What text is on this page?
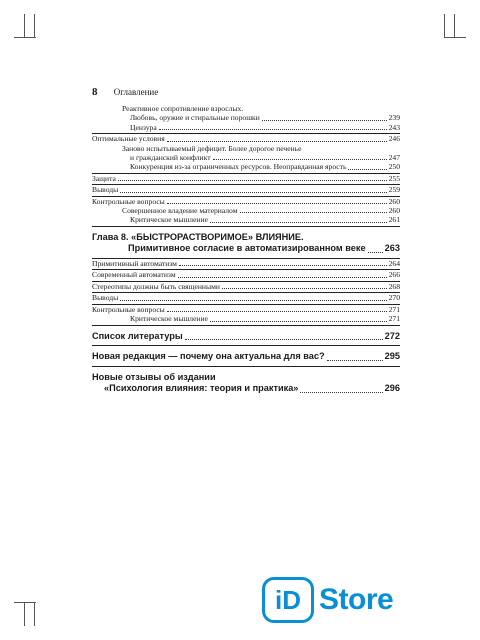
8 Оглавление
Реактивное сопротивление взрослых.
Любовь, оружие и стиральные порошки	239
Цензура	243
Оптимальные условия	246
Заново испытываемый дефицит. Более дорогое печенье
и гражданский конфликт	247
Конкуренция из-за ограниченных ресурсов. Неоправданная ярость	250
Защита	255
Выводы	259
Контрольные вопросы	260
Совершенное владение материалом	260
Критическое мышление	261
Глава 8. «БЫСТРОРАСТВОРИМОЕ» ВЛИЯНИЕ.
Примитивное согласие в автоматизированном веке 263
Примитивный автоматизм	264
Современный автоматизм	266
Стереотипы должны быть священными	268
Выводы	270
Контрольные вопросы	271
Критическое мышление	271
Список литературы	272
Новая редакция — почему она актуальна для вас?	295
Новые отзывы об издании
«Психология влияния: теория и практика»	296
iD Store
